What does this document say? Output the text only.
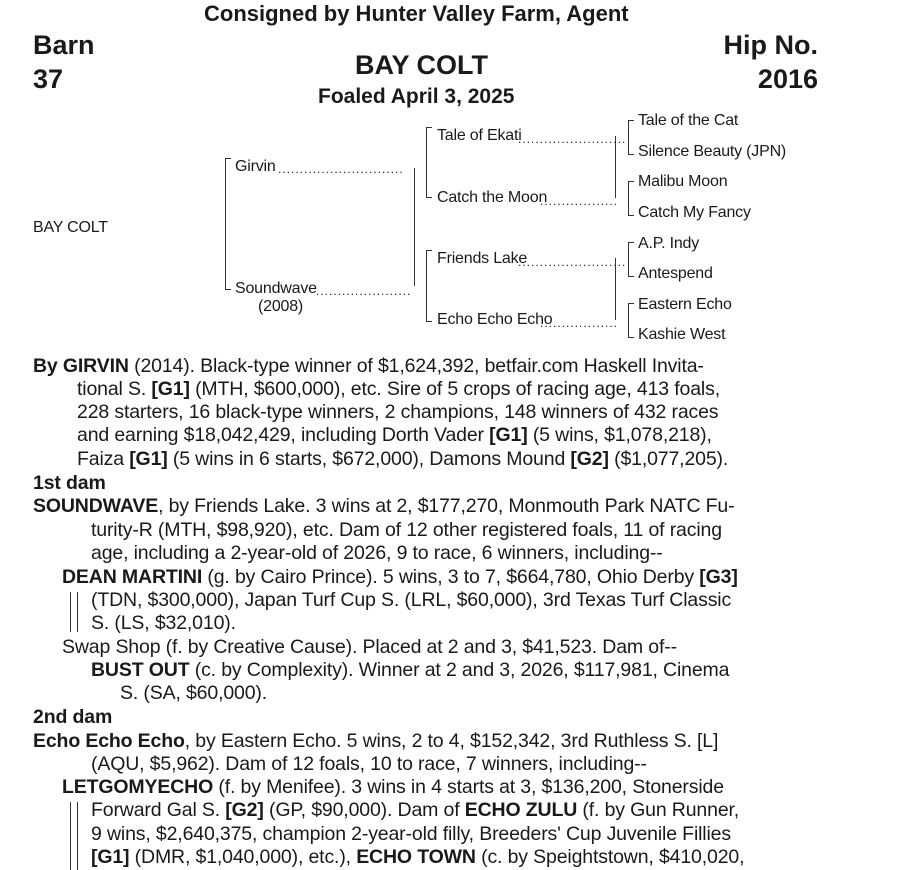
Consigned by Hunter Valley Farm, Agent
Barn
37
Hip No.
2016
BAY COLT
Foaled April 3, 2025
BAY COLT
Girvin .............................
Soundwave ......................
(2008)
Tale of Ekati
.........................
Catch the Moon
..................
Friends Lake
.........................
Echo Echo Echo
..................
Tale of the Cat
Silence Beauty (JPN)
Malibu Moon
Catch My Fancy
A.P. Indy
Antespend
Eastern Echo
Kashie West
By GIRVIN (2014). Black-type winner of $1,624,392, betfair.com Haskell Invita-
tional S. [G1] (MTH, $600,000), etc. Sire of 5 crops of racing age, 413 foals,
228 starters, 16 black-type winners, 2 champions, 148 winners of 432 races
and earning $18,042,429, including Dorth Vader [G1] (5 wins, $1,078,218),
Faiza [G1] (5 wins in 6 starts, $672,000), Damons Mound [G2] ($1,077,205).
1st dam
SOUNDWAVE, by Friends Lake. 3 wins at 2, $177,270, Monmouth Park NATC Fu-
turity-R (MTH, $98,920), etc. Dam of 12 other registered foals, 11 of racing
age, including a 2-year-old of 2026, 9 to race, 6 winners, including--
DEAN MARTINI (g. by Cairo Prince). 5 wins, 3 to 7, $664,780, Ohio Derby [G3]
(TDN, $300,000), Japan Turf Cup S. (LRL, $60,000), 3rd Texas Turf Classic
S. (LS, $32,010).
Swap Shop (f. by Creative Cause). Placed at 2 and 3, $41,523. Dam of--
BUST OUT (c. by Complexity). Winner at 2 and 3, 2026, $117,981, Cinema
S. (SA, $60,000).
2nd dam
Echo Echo Echo, by Eastern Echo. 5 wins, 2 to 4, $152,342, 3rd Ruthless S. [L]
(AQU, $5,962). Dam of 12 foals, 10 to race, 7 winners, including--
LETGOMYECHO (f. by Menifee). 3 wins in 4 starts at 3, $136,200, Stonerside
Forward Gal S. [G2] (GP, $90,000). Dam of ECHO ZULU (f. by Gun Runner,
9 wins, $2,640,375, champion 2-year-old filly, Breeders' Cup Juvenile Fillies
[G1] (DMR, $1,040,000), etc.), ECHO TOWN (c. by Speightstown, $410,020,
